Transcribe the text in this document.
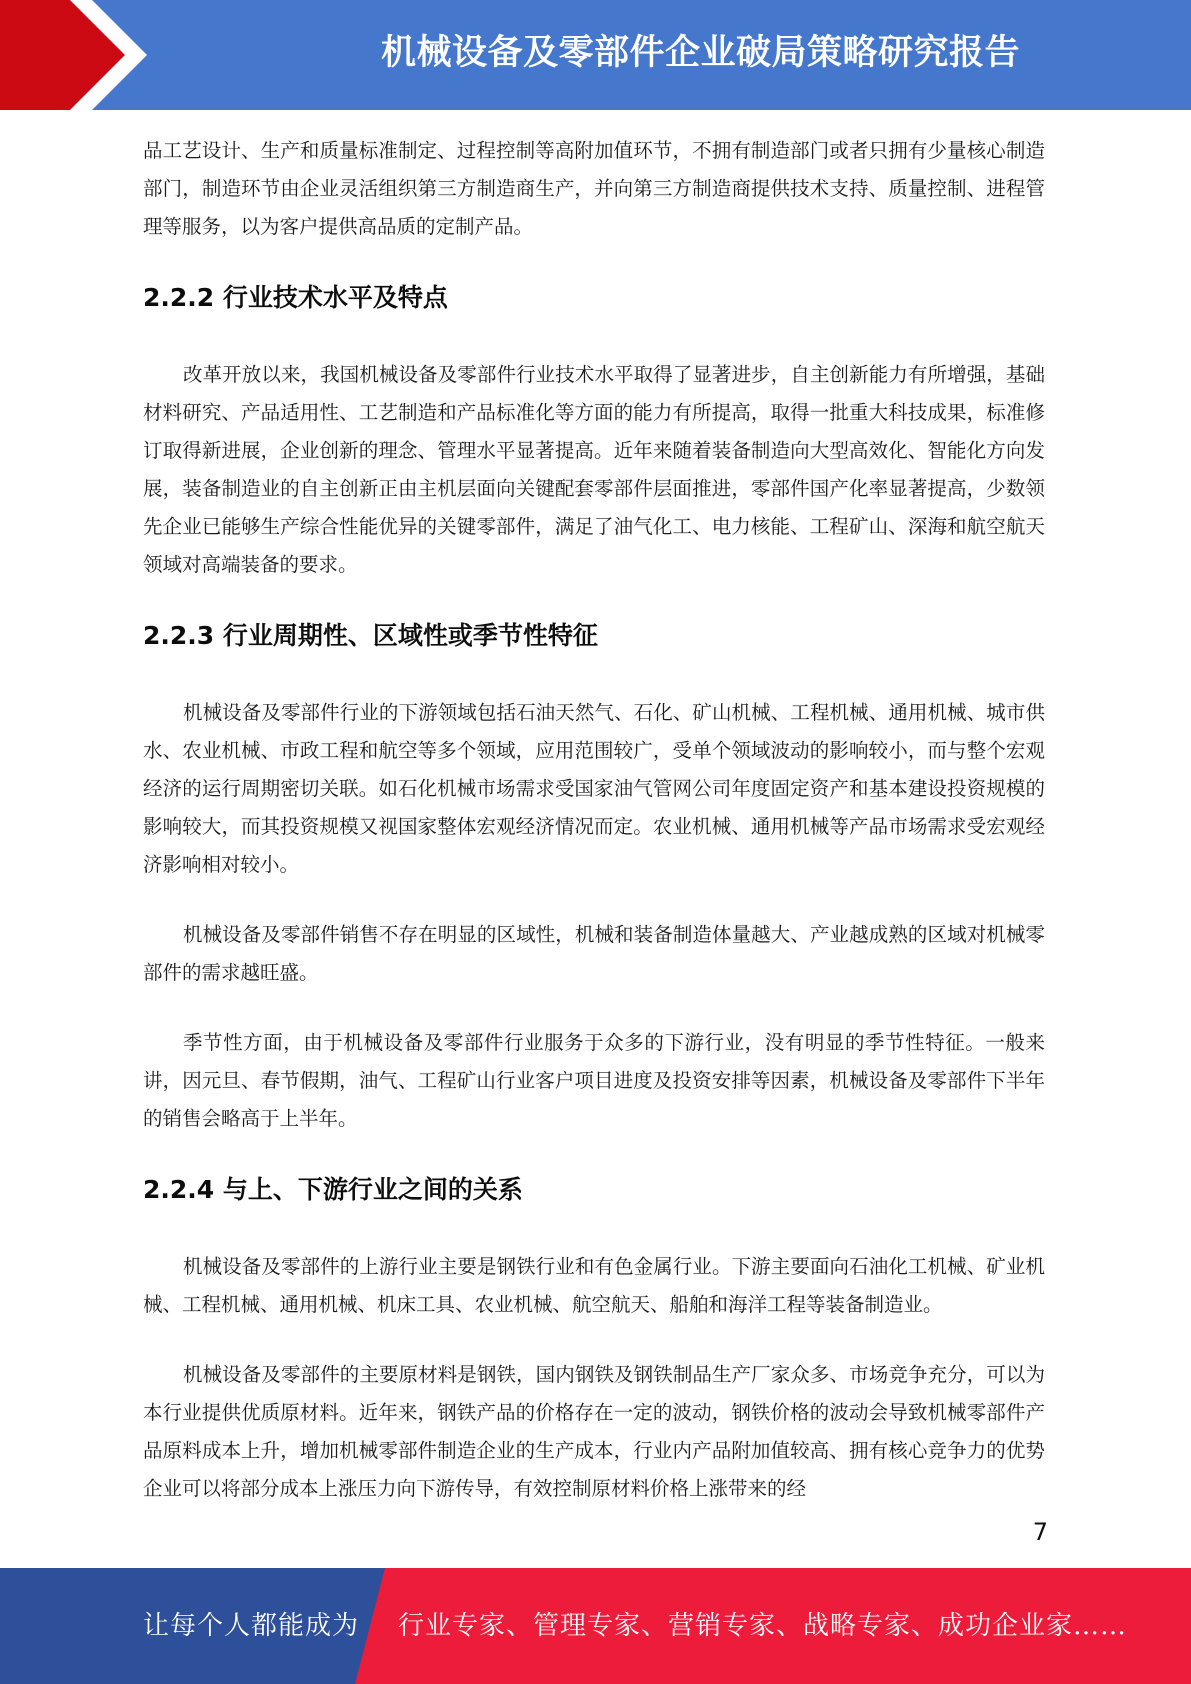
机械设备及零部件企业破局策略研究报告

品工艺设计、生产和质量标准制定、过程控制等高附加值环节，不拥有制造部门或者只拥有少量核心制造部门，制造环节由企业灵活组织第三方制造商生产，并向第三方制造商提供技术支持、质量控制、进程管理等服务，以为客户提供高品质的定制产品。

2.2.2 行业技术水平及特点

改革开放以来，我国机械设备及零部件行业技术水平取得了显著进步，自主创新能力有所增强，基础材料研究、产品适用性、工艺制造和产品标准化等方面的能力有所提高，取得一批重大科技成果，标准修订取得新进展，企业创新的理念、管理水平显著提高。近年来随着装备制造向大型高效化、智能化方向发展，装备制造业的自主创新正由主机层面向关键配套零部件层面推进，零部件国产化率显著提高，少数领先企业已能够生产综合性能优异的关键零部件，满足了油气化工、电力核能、工程矿山、深海和航空航天领域对高端装备的要求。

2.2.3 行业周期性、区域性或季节性特征

机械设备及零部件行业的下游领域包括石油天然气、石化、矿山机械、工程机械、通用机械、城市供水、农业机械、市政工程和航空等多个领域，应用范围较广，受单个领域波动的影响较小，而与整个宏观经济的运行周期密切关联。如石化机械市场需求受国家油气管网公司年度固定资产和基本建设投资规模的影响较大，而其投资规模又视国家整体宏观经济情况而定。农业机械、通用机械等产品市场需求受宏观经济影响相对较小。

机械设备及零部件销售不存在明显的区域性，机械和装备制造体量越大、产业越成熟的区域对机械零部件的需求越旺盛。

季节性方面，由于机械设备及零部件行业服务于众多的下游行业，没有明显的季节性特征。一般来讲，因元旦、春节假期，油气、工程矿山行业客户项目进度及投资安排等因素，机械设备及零部件下半年的销售会略高于上半年。

2.2.4 与上、下游行业之间的关系

机械设备及零部件的上游行业主要是钢铁行业和有色金属行业。下游主要面向石油化工机械、矿业机械、工程机械、通用机械、机床工具、农业机械、航空航天、船舶和海洋工程等装备制造业。

机械设备及零部件的主要原材料是钢铁，国内钢铁及钢铁制品生产厂家众多、市场竞争充分，可以为本行业提供优质原材料。近年来，钢铁产品的价格存在一定的波动，钢铁价格的波动会导致机械零部件产品原料成本上升，增加机械零部件制造企业的生产成本，行业内产品附加值较高、拥有核心竞争力的优势企业可以将部分成本上涨压力向下游传导，有效控制原材料价格上涨带来的经

7
让每个人都能成为 行业专家、管理专家、营销专家、战略专家、成功企业家……
